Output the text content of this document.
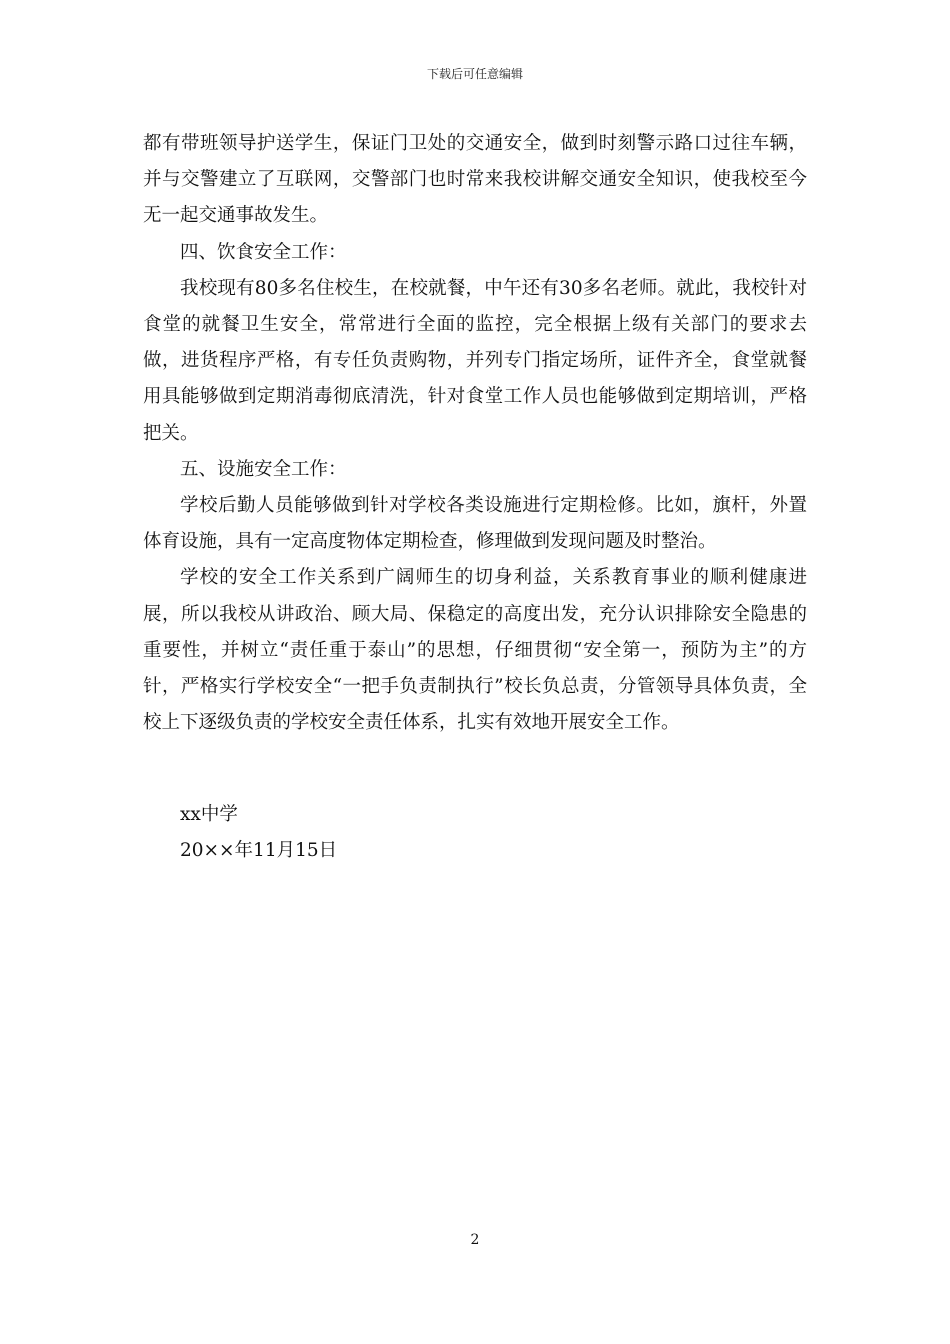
下载后可任意编辑

都有带班领导护送学生，保证门卫处的交通安全，做到时刻警示路口过往车辆，并与交警建立了互联网，交警部门也时常来我校讲解交通安全知识，使我校至今无一起交通事故发生。

四、饮食安全工作：

我校现有80多名住校生，在校就餐，中午还有30多名老师。就此，我校针对食堂的就餐卫生安全，常常进行全面的监控，完全根据上级有关部门的要求去做，进货程序严格，有专任负责购物，并列专门指定场所，证件齐全，食堂就餐用具能够做到定期消毒彻底清洗，针对食堂工作人员也能够做到定期培训，严格把关。

五、设施安全工作：

学校后勤人员能够做到针对学校各类设施进行定期检修。比如，旗杆，外置体育设施，具有一定高度物体定期检查，修理做到发现问题及时整治。

学校的安全工作关系到广阔师生的切身利益，关系教育事业的顺利健康进展，所以我校从讲政治、顾大局、保稳定的高度出发，充分认识排除安全隐患的重要性，并树立“责任重于泰山”的思想，仔细贯彻“安全第一，预防为主”的方针，严格实行学校安全“一把手负责制执行”校长负总责，分管领导具体负责，全校上下逐级负责的学校安全责任体系，扎实有效地开展安全工作。

xx中学

20××年11月15日

2
